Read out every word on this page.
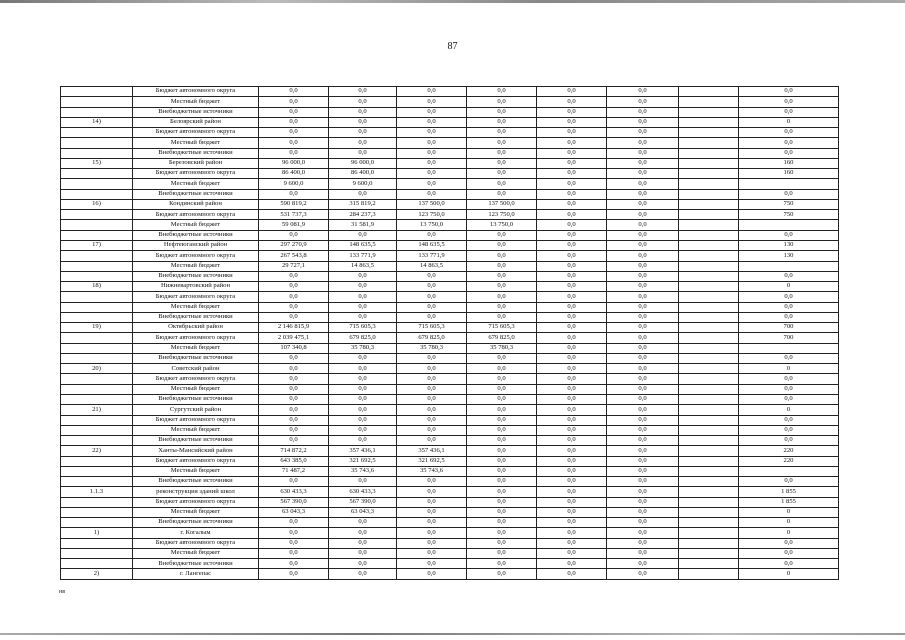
87
	Бюджет автономного округа	0,0	0,0	0,0	0,0	0,0	0,0		0,0
	Местный бюджет	0,0	0,0	0,0	0,0	0,0	0,0		0,0
	Внебюджетные источники	0,0	0,0	0,0	0,0	0,0	0,0		0,0
14)	Белоярский район	0,0	0,0	0,0	0,0	0,0	0,0		0
	Бюджет автономного округа	0,0	0,0	0,0	0,0	0,0	0,0		0,0
	Местный бюджет	0,0	0,0	0,0	0,0	0,0	0,0		0,0
	Внебюджетные источники	0,0	0,0	0,0	0,0	0,0	0,0		0,0
15)	Березовский район	96 000,0	96 000,0	0,0	0,0	0,0	0,0		160
	Бюджет автономного округа	86 400,0	86 400,0	0,0	0,0	0,0	0,0		160
	Местный бюджет	9 600,0	9 600,0	0,0	0,0	0,0	0,0		
	Внебюджетные источники	0,0	0,0	0,0	0,0	0,0	0,0		0,0
16)	Кондинский район	590 819,2	315 819,2	137 500,0	137 500,0	0,0	0,0		750
	Бюджет автономного округа	531 737,3	284 237,3	123 750,0	123 750,0	0,0	0,0		750
	Местный бюджет	59 081,9	31 581,9	13 750,0	13 750,0	0,0	0,0		
	Внебюджетные источники	0,0	0,0	0,0	0,0	0,0	0,0		0,0
17)	Нефтеюганский район	297 270,9	148 635,5	148 635,5	0,0	0,0	0,0		130
	Бюджет автономного округа	267 543,8	133 771,9	133 771,9	0,0	0,0	0,0		130
	Местный бюджет	29 727,1	14 863,5	14 863,5	0,0	0,0	0,0		
	Внебюджетные источники	0,0	0,0	0,0	0,0	0,0	0,0		0,0
18)	Нижневартовский район	0,0	0,0	0,0	0,0	0,0	0,0		0
	Бюджет автономного округа	0,0	0,0	0,0	0,0	0,0	0,0		0,0
	Местный бюджет	0,0	0,0	0,0	0,0	0,0	0,0		0,0
	Внебюджетные источники	0,0	0,0	0,0	0,0	0,0	0,0		0,0
19)	Октябрьский район	2 146 815,9	715 605,3	715 605,3	715 605,3	0,0	0,0		700
	Бюджет автономного округа	2 039 475,1	679 825,0	679 825,0	679 825,0	0,0	0,0		700
	Местный бюджет	107 340,8	35 780,3	35 780,3	35 780,3	0,0	0,0		
	Внебюджетные источники	0,0	0,0	0,0	0,0	0,0	0,0		0,0
20)	Советский район	0,0	0,0	0,0	0,0	0,0	0,0		0
	Бюджет автономного округа	0,0	0,0	0,0	0,0	0,0	0,0		0,0
	Местный бюджет	0,0	0,0	0,0	0,0	0,0	0,0		0,0
	Внебюджетные источники	0,0	0,0	0,0	0,0	0,0	0,0		0,0
21)	Сургутский район	0,0	0,0	0,0	0,0	0,0	0,0		0
	Бюджет автономного округа	0,0	0,0	0,0	0,0	0,0	0,0		0,0
	Местный бюджет	0,0	0,0	0,0	0,0	0,0	0,0		0,0
	Внебюджетные источники	0,0	0,0	0,0	0,0	0,0	0,0		0,0
22)	Ханты-Мансийский район	714 872,2	357 436,1	357 436,1	0,0	0,0	0,0		220
	Бюджет автономного округа	643 385,0	321 692,5	321 692,5	0,0	0,0	0,0		220
	Местный бюджет	71 487,2	35 743,6	35 743,6	0,0	0,0	0,0		
	Внебюджетные источники	0,0	0,0	0,0	0,0	0,0	0,0		0,0
1.1.3	реконструкция зданий школ	630 433,3	630 433,3	0,0	0,0	0,0	0,0		1 855
	Бюджет автономного округа	567 390,0	567 390,0	0,0	0,0	0,0	0,0		1 855
	Местный бюджет	63 043,3	63 043,3	0,0	0,0	0,0	0,0		0
	Внебюджетные источники	0,0	0,0	0,0	0,0	0,0	0,0		0
1)	г. Когалым	0,0	0,0	0,0	0,0	0,0	0,0		0
	Бюджет автономного округа	0,0	0,0	0,0	0,0	0,0	0,0		0,0
	Местный бюджет	0,0	0,0	0,0	0,0	0,0	0,0		0,0
	Внебюджетные источники	0,0	0,0	0,0	0,0	0,0	0,0		0,0
2)	г. Лангепас	0,0	0,0	0,0	0,0	0,0	0,0		0
нв
